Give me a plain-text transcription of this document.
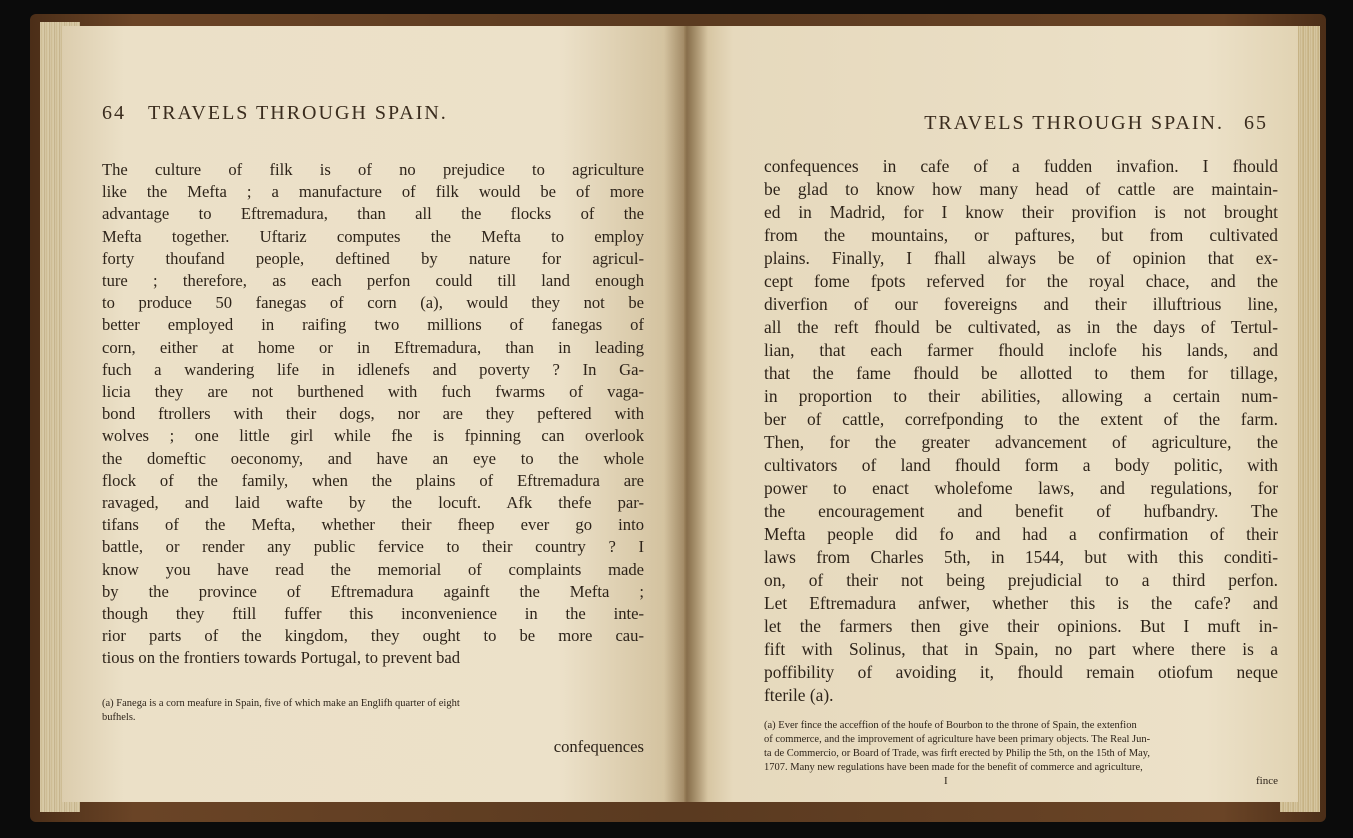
64 TRAVELS THROUGH SPAIN.
The culture of filk is of no prejudice to agriculture
like the Mefta ; a manufacture of filk would be of more
advantage to Eftremadura, than all the flocks of the
Mefta together. Uftariz computes the Mefta to employ
forty thoufand people, deftined by nature for agricul-
ture ; therefore, as each perfon could till land enough
to produce 50 fanegas of corn (a), would they not be
better employed in raifing two millions of fanegas of
corn, either at home or in Eftremadura, than in leading
fuch a wandering life in idlenefs and poverty ? In Ga-
licia they are not burthened with fuch fwarms of vaga-
bond ftrollers with their dogs, nor are they peftered with
wolves ; one little girl while fhe is fpinning can overlook
the domeftic oeconomy, and have an eye to the whole
flock of the family, when the plains of Eftremadura are
ravaged, and laid wafte by the locuft. Afk thefe par-
tifans of the Mefta, whether their fheep ever go into
battle, or render any public fervice to their country ? I
know you have read the memorial of complaints made
by the province of Eftremadura againft the Mefta ;
though they ftill fuffer this inconvenience in the inte-
rior parts of the kingdom, they ought to be more cau-
tious on the frontiers towards Portugal, to prevent bad
(a) Fanega is a corn meafure in Spain, five of which make an Englifh quarter of eight
bufhels.
confequences
TRAVELS THROUGH SPAIN. 65
confequences in cafe of a fudden invafion. I fhould
be glad to know how many head of cattle are maintain-
ed in Madrid, for I know their provifion is not brought
from the mountains, or paftures, but from cultivated
plains. Finally, I fhall always be of opinion that ex-
cept fome fpots referved for the royal chace, and the
diverfion of our fovereigns and their illuftrious line,
all the reft fhould be cultivated, as in the days of Tertul-
lian, that each farmer fhould inclofe his lands, and
that the fame fhould be allotted to them for tillage,
in proportion to their abilities, allowing a certain num-
ber of cattle, correfponding to the extent of the farm.
Then, for the greater advancement of agriculture, the
cultivators of land fhould form a body politic, with
power to enact wholefome laws, and regulations, for
the encouragement and benefit of hufbandry. The
Mefta people did fo and had a confirmation of their
laws from Charles 5th, in 1544, but with this conditi-
on, of their not being prejudicial to a third perfon.
Let Eftremadura anfwer, whether this is the cafe? and
let the farmers then give their opinions. But I muft in-
fift with Solinus, that in Spain, no part where there is a
poffibility of avoiding it, fhould remain otiofum neque
fterile (a).
(a) Ever fince the acceffion of the houfe of Bourbon to the throne of Spain, the extenfion
of commerce, and the improvement of agriculture have been primary objects. The Real Jun-
ta de Commercio, or Board of Trade, was firft erected by Philip the 5th, on the 15th of May,
1707. Many new regulations have been made for the benefit of commerce and agriculture,
I	fince
